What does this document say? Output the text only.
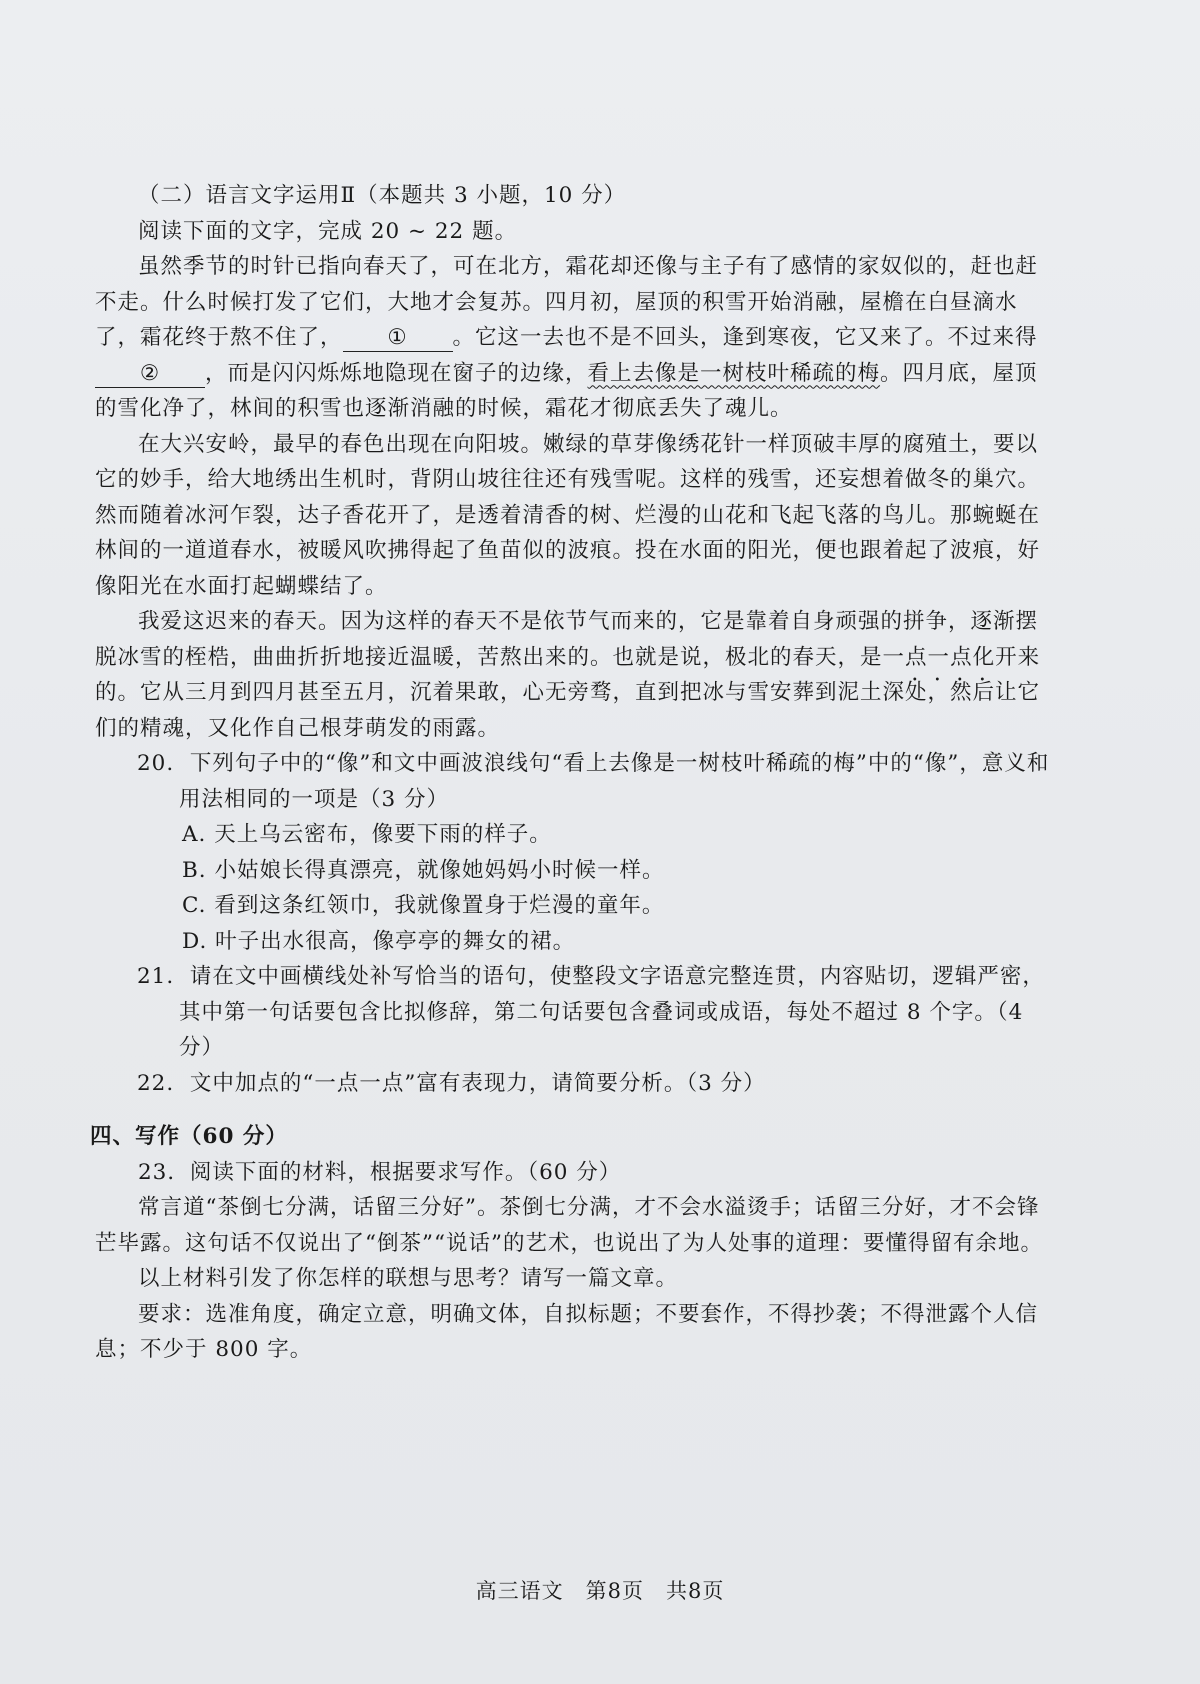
（二）语言文字运用Ⅱ（本题共 3 小题，10 分）

阅读下面的文字，完成 20 ~ 22 题。

虽然季节的时针已指向春天了，可在北方，霜花却还像与主子有了感情的家奴似的，赶也赶不走。什么时候打发了它们，大地才会复苏。四月初，屋顶的积雪开始消融，屋檐在白昼滴水了，霜花终于熬不住了， ① 。它这一去也不是不回头，逢到寒夜，它又来了。不过来得② ，而是闪闪烁烁地隐现在窗子的边缘，看上去像是一树枝叶稀疏的梅。四月底，屋顶的雪化净了，林间的积雪也逐渐消融的时候，霜花才彻底丢失了魂儿。

在大兴安岭，最早的春色出现在向阳坡。嫩绿的草芽像绣花针一样顶破丰厚的腐殖土，要以它的妙手，给大地绣出生机时，背阴山坡往往还有残雪呢。这样的残雪，还妄想着做冬的巢穴。然而随着冰河乍裂，达子香花开了，是透着清香的树、烂漫的山花和飞起飞落的鸟儿。那蜿蜒在林间的一道道春水，被暖风吹拂得起了鱼苗似的波痕。投在水面的阳光，便也跟着起了波痕，好像阳光在水面打起蝴蝶结了。

我爱这迟来的春天。因为这样的春天不是依节气而来的，它是靠着自身顽强的拼争，逐渐摆脱冰雪的桎梏，曲曲折折地接近温暖，苦熬出来的。也就是说，极北的春天，是一点一点化开来的。它从三月到四月甚至五月，沉着果敢，心无旁骛，直到把冰与雪安葬到泥土深处，然后让它们的精魂，又化作自己根芽萌发的雨露。

20. 下列句子中的“像”和文中画波浪线句“看上去像是一树枝叶稀疏的梅”中的“像”，意义和用法相同的一项是（3 分）

A. 天上乌云密布，像要下雨的样子。

B. 小姑娘长得真漂亮，就像她妈妈小时候一样。

C. 看到这条红领巾，我就像置身于烂漫的童年。

D. 叶子出水很高，像亭亭的舞女的裙。

21. 请在文中画横线处补写恰当的语句，使整段文字语意完整连贯，内容贴切，逻辑严密，其中第一句话要包含比拟修辞，第二句话要包含叠词或成语，每处不超过 8 个字。（4 分）

22. 文中加点的“一点一点”富有表现力，请简要分析。（3 分）

四、写作（60 分）

23．阅读下面的材料，根据要求写作。（60 分）

常言道“茶倒七分满，话留三分好”。茶倒七分满，才不会水溢烫手；话留三分好，才不会锋芒毕露。这句话不仅说出了“倒茶”“说话”的艺术，也说出了为人处事的道理：要懂得留有余地。

以上材料引发了你怎样的联想与思考？请写一篇文章。

要求：选准角度，确定立意，明确文体，自拟标题；不要套作，不得抄袭；不得泄露个人信息；不少于 800 字。

高三语文　第8页　共8页
